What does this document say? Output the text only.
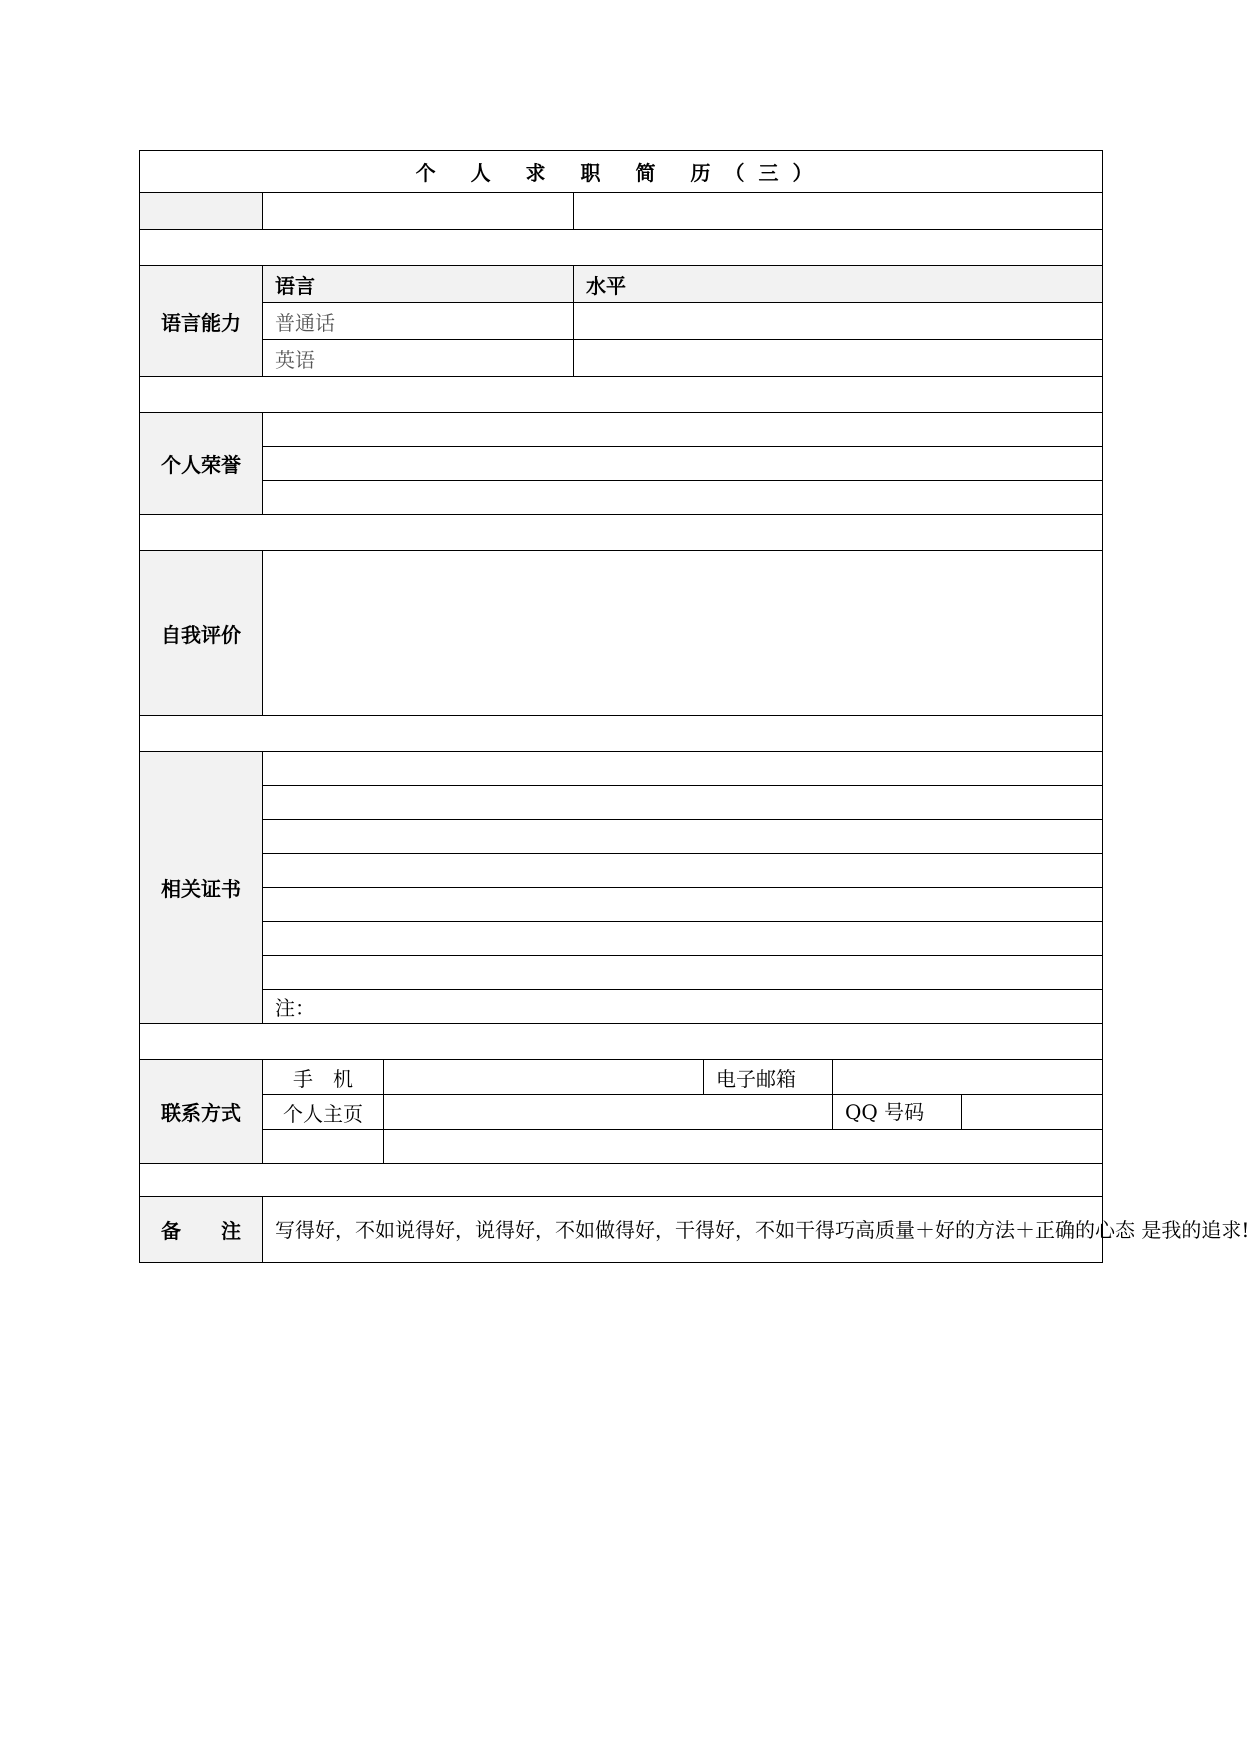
个 人 求 职 简 历（三）					

语言能力	语言		水平		
	普通话				
	英语				

个人荣誉					

自我评价					

相关证书					

	注：				

联系方式	手　机			电子邮箱	
	个人主页				QQ 号码

备　　注	写得好，不如说得好，说得好，不如做得好，干得好，不如干得巧高质量＋好的方法＋正确的心态 是我的追求!				
